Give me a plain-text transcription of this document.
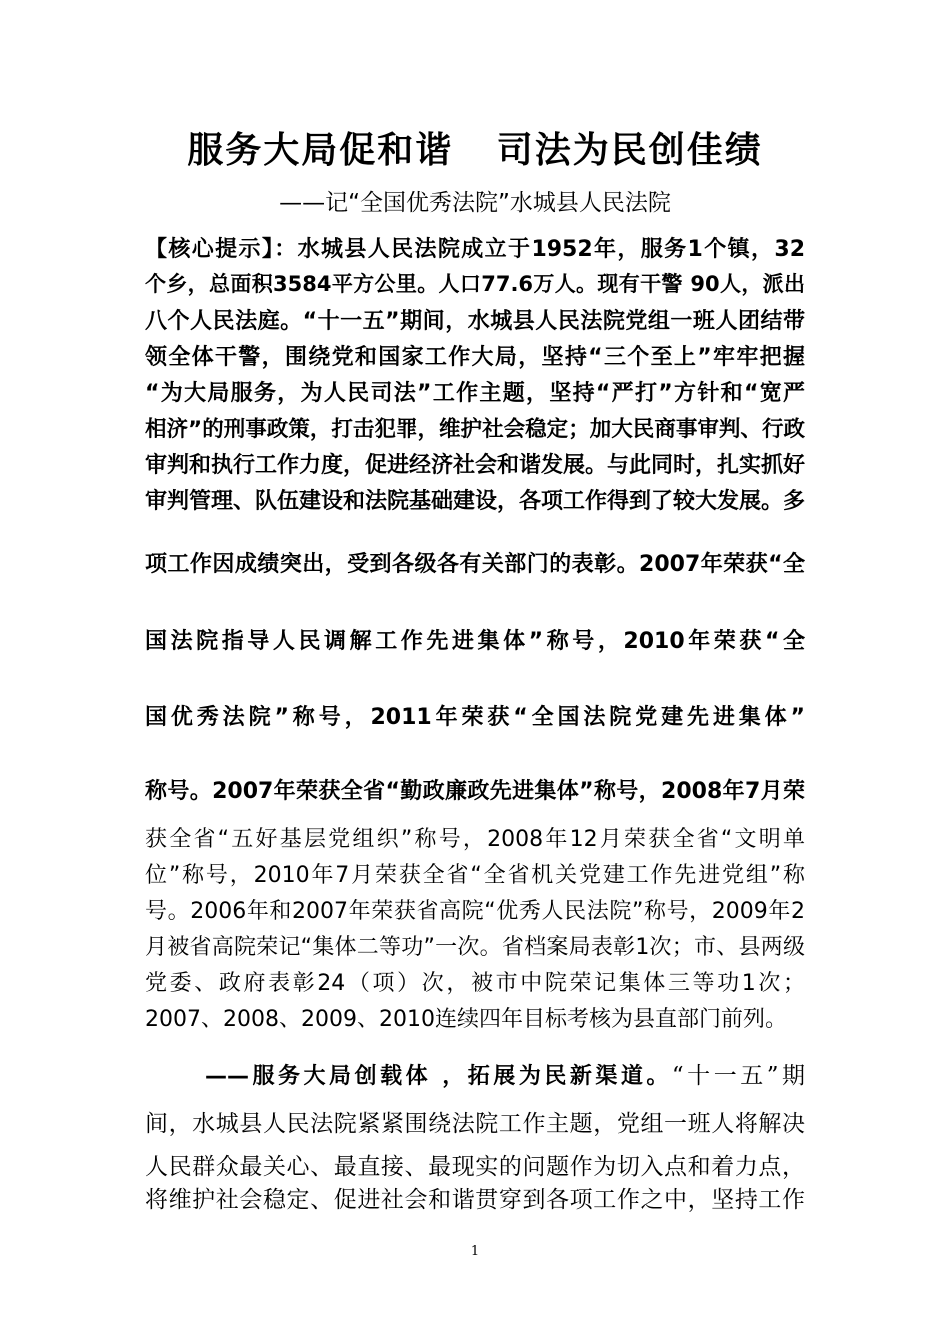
服务大局促和谐   司法为民创佳绩
——记“全国优秀法院”水城县人民法院
【核心提示】：水城县人民法院成立于1952年，服务1个镇，32
个乡，总面积3584平方公里。人口77.6万人。现有干警 90人，派出
八个人民法庭。“十一五”期间，水城县人民法院党组一班人团结带
领全体干警，围绕党和国家工作大局，坚持“三个至上”牢牢把握
“为大局服务，为人民司法”工作主题，坚持“严打”方针和“宽严
相济”的刑事政策，打击犯罪，维护社会稳定；加大民商事审判、行政
审判和执行工作力度，促进经济社会和谐发展。与此同时，扎实抓好
审判管理、队伍建设和法院基础建设，各项工作得到了较大发展。多
项工作因成绩突出，受到各级各有关部门的表彰。2007年荣获“全
国法院指导人民调解工作先进集体”称号，2010年荣获“全
国优秀法院”称号，2011年荣获“全国法院党建先进集体”
称号。2007年荣获全省“勤政廉政先进集体”称号，2008年7月荣
获全省“五好基层党组织”称号，2008年12月荣获全省“文明单
位”称号，2010年7月荣获全省“全省机关党建工作先进党组”称
号。2006年和2007年荣获省高院“优秀人民法院”称号，2009年2
月被省高院荣记“集体二等功”一次。省档案局表彰1次；市、县两级
党委、政府表彰24（项）次，被市中院荣记集体三等功1次；
2007、2008、2009、2010连续四年目标考核为县直部门前列。
——服务大局创载体 ，拓展为民新渠道。“十一五”期
间，水城县人民法院紧紧围绕法院工作主题，党组一班人将解决
人民群众最关心、最直接、最现实的问题作为切入点和着力点，
将维护社会稳定、促进社会和谐贯穿到各项工作之中，坚持工作
1
